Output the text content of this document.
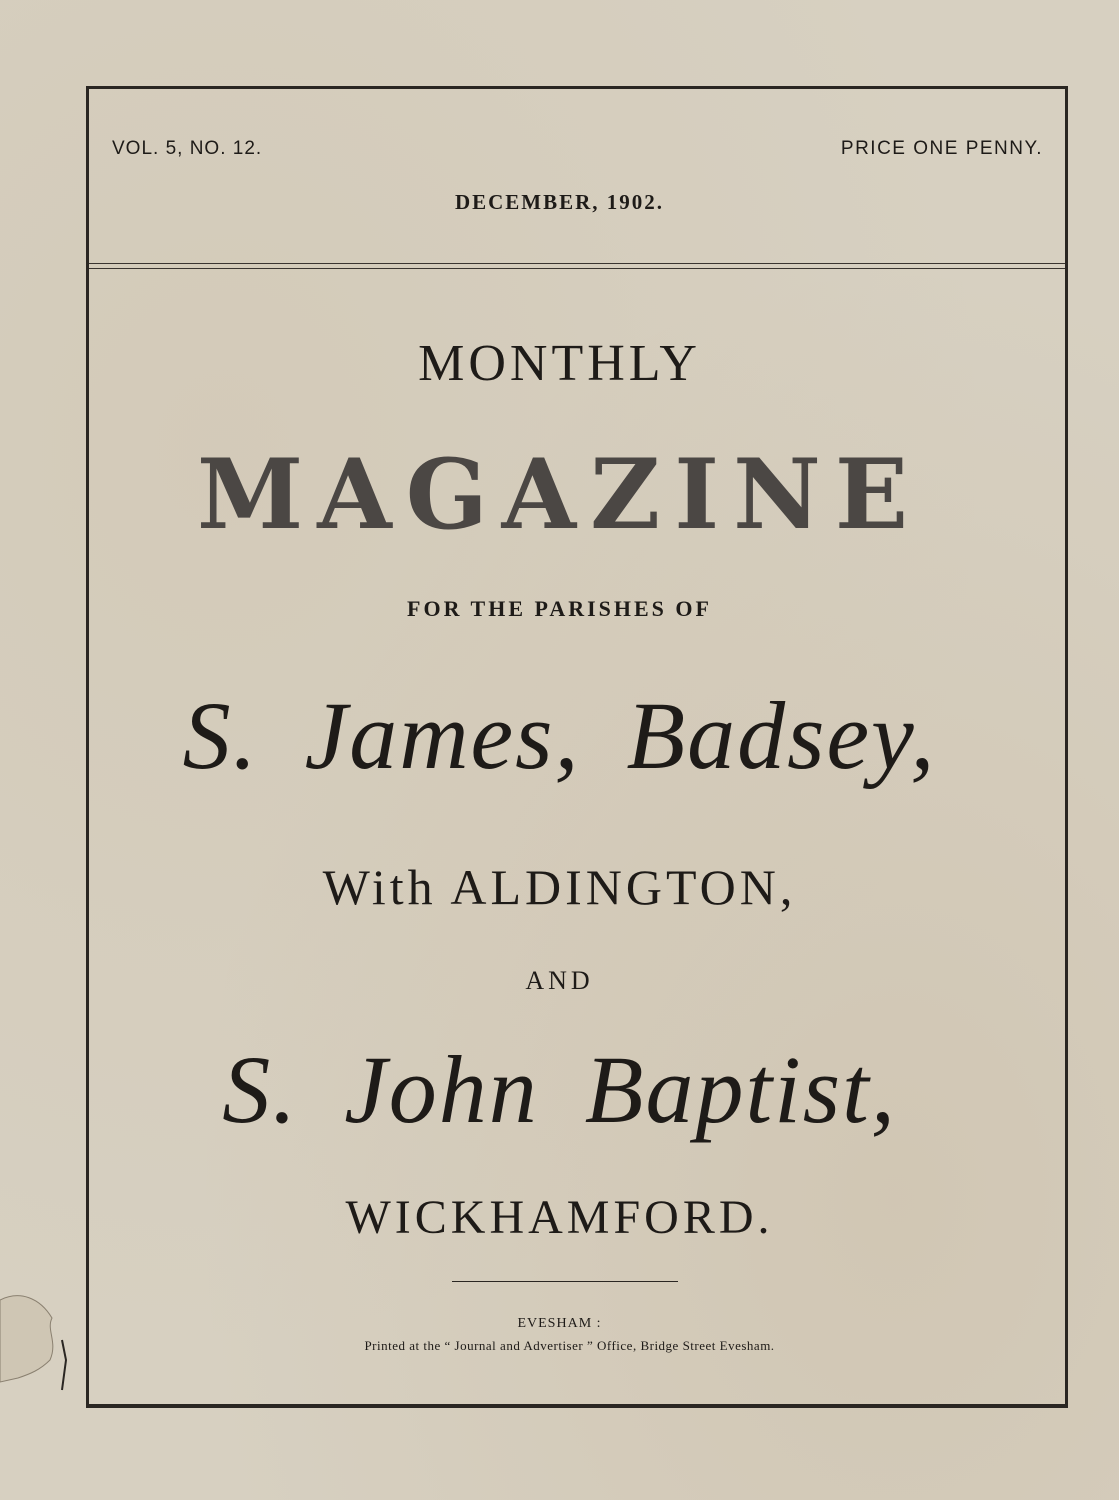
VOL. 5, NO. 12.	PRICE ONE PENNY.
DECEMBER, 1902.
MONTHLY
MAGAZINE
FOR THE PARISHES OF
S. James, Badsey,
With ALDINGTON,
AND
S. John Baptist,
WICKHAMFORD.
EVESHAM :
Printed at the “ Journal and Advertiser ” Office, Bridge Street Evesham.
